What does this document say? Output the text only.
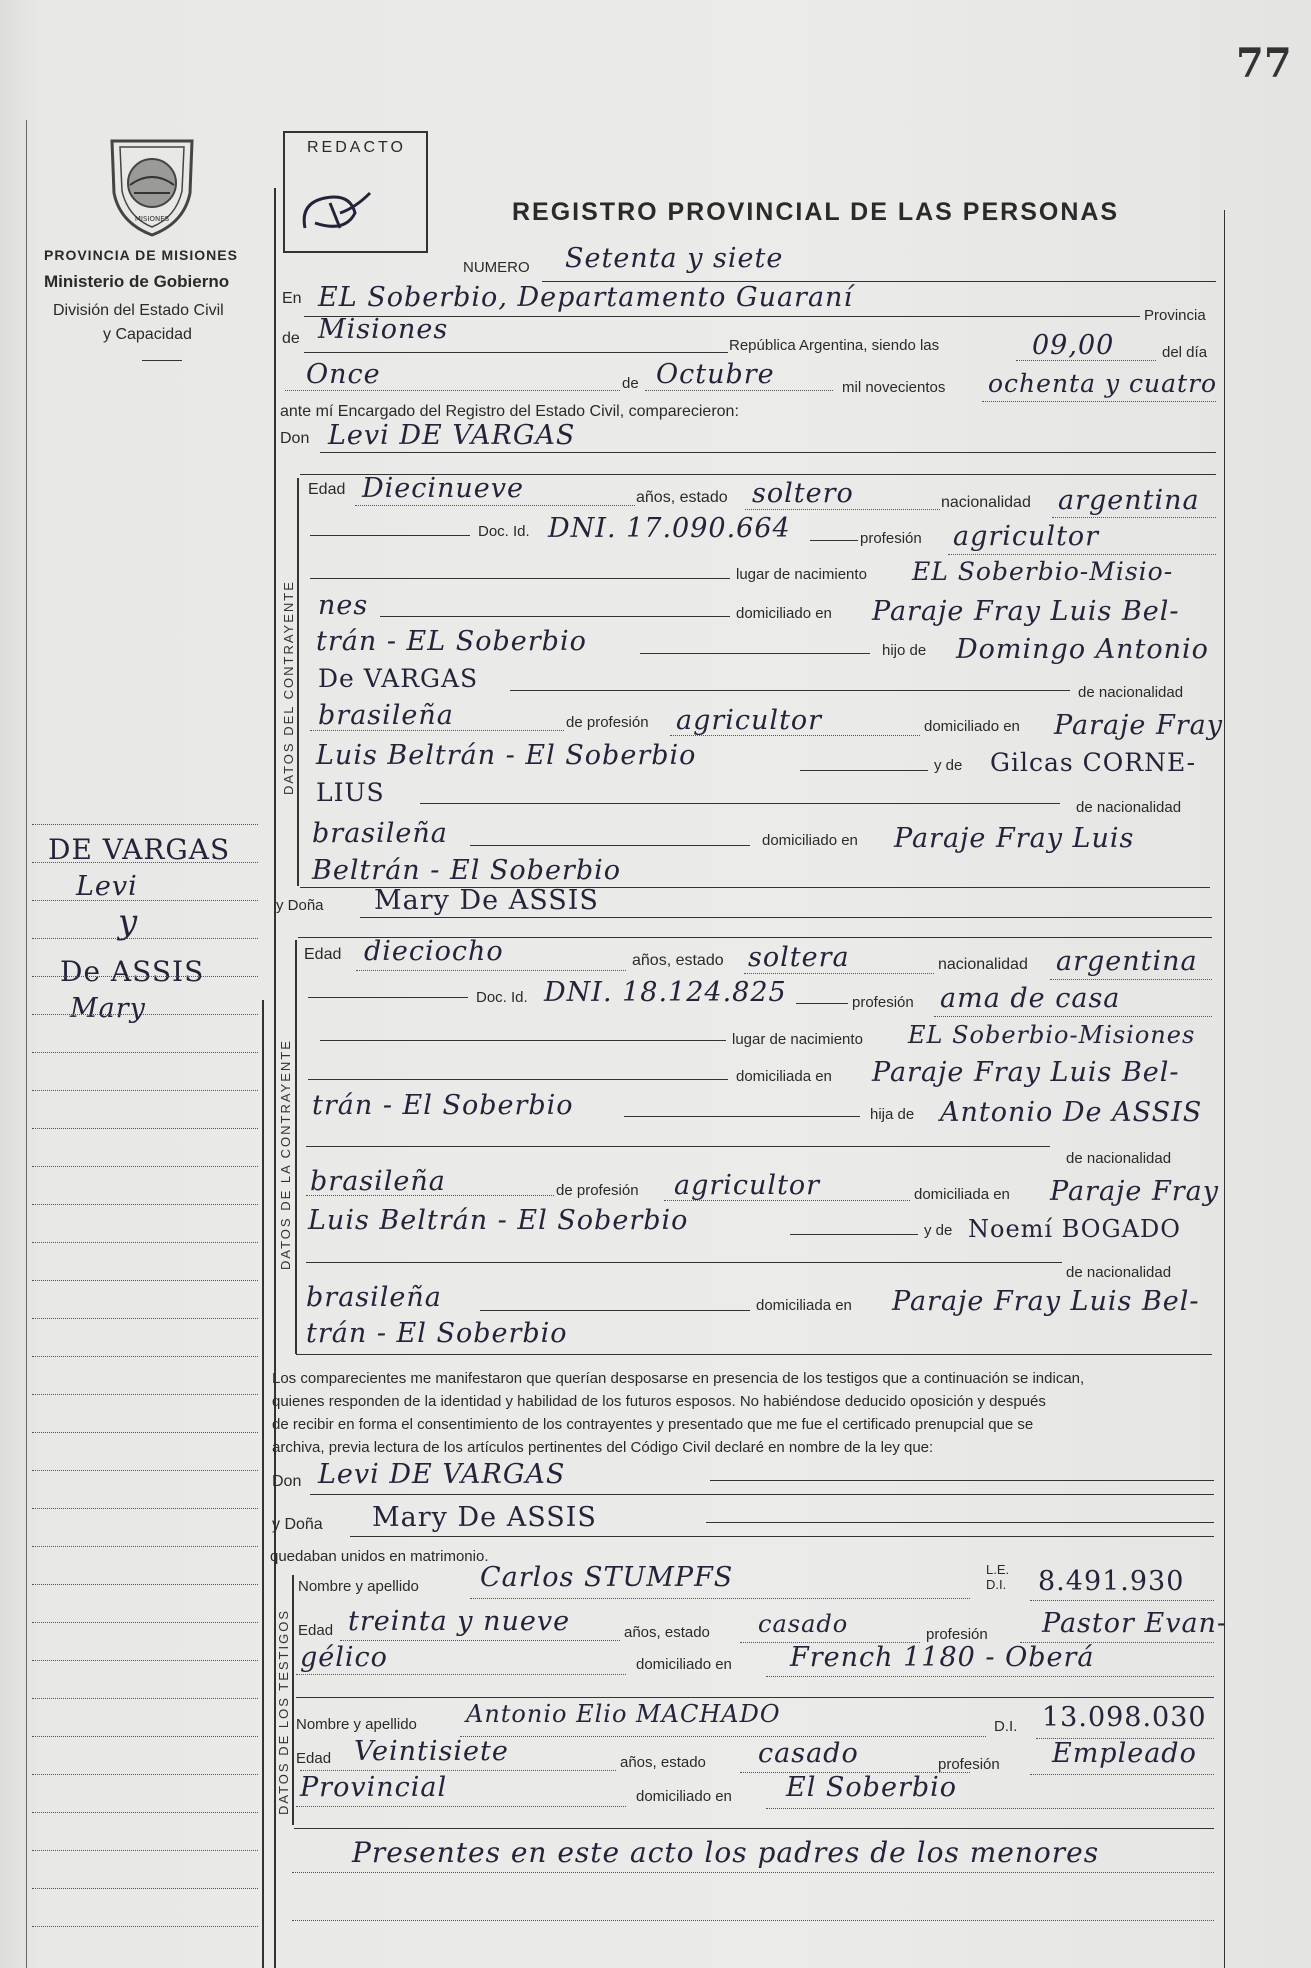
77
MISIONES
PROVINCIA DE MISIONES
Ministerio de Gobierno
División del Estado Civil
y Capacidad
REDACTO
REGISTRO PROVINCIAL DE LAS PERSONAS
DATOS DEL CONTRAYENTE
DATOS DE LA CONTRAYENTE
DATOS DE LOS TESTIGOS
DE VARGAS
Levi
y
De ASSIS
Mary
NUMERO Setenta y siete
En EL Soberbio, Departamento Guaraní
Provincia
de Misiones
República Argentina, siendo las	09,00	del día
Once	de Octubre	mil novecientos ochenta y cuatro
ante mí Encargado del Registro del Estado Civil, comparecieron:
Don Levi DE VARGAS
Edad Diecinueve	años, estado soltero	nacionalidad argentina
Doc. Id. DNI. 17.090.664	profesión agricultor
lugar de nacimiento EL Soberbio-Misio-
nes	domiciliado en Paraje Fray Luis Bel-
trán - EL Soberbio	hijo de Domingo Antonio
De VARGAS	de nacionalidad
brasileña	de profesión agricultor	domiciliado en Paraje Fray
Luis Beltrán - El Soberbio	y de Gilcas CORNE-
LIUS
de nacionalidad
brasileña	domiciliado en Paraje Fray Luis
Beltrán - El Soberbio
y Doña Mary De ASSIS
Edad dieciocho	años, estado soltera	nacionalidad argentina
Doc. Id. DNI. 18.124.825	profesión ama de casa
lugar de nacimiento EL Soberbio-Misiones
domiciliada en Paraje Fray Luis Bel-
trán - El Soberbio	hija de Antonio De ASSIS
de nacionalidad
brasileña	de profesión agricultor	domiciliada en Paraje Fray
Luis Beltrán - El Soberbio	y de Noemí BOGADO
de nacionalidad
brasileña	domiciliada en Paraje Fray Luis Bel-
trán - El Soberbio
Los comparecientes me manifestaron que querían desposarse en presencia de los testigos que a continuación se indican,
quienes responden de la identidad y habilidad de los futuros esposos. No habiéndose deducido oposición y después
de recibir en forma el consentimiento de los contrayentes y presentado que me fue el certificado prenupcial que se
archiva, previa lectura de los artículos pertinentes del Código Civil declaré en nombre de la ley que:
Don Levi DE VARGAS
y Doña Mary De ASSIS
quedaban unidos en matrimonio.
Nombre y apellido Carlos STUMPFS	L.E. D.I. 8.491.930
Edad treinta y nueve	años, estado casado	profesión Pastor Evan-
gélico	domiciliado en French 1180 - Oberá
Nombre y apellido Antonio Elio MACHADO	D.I. 13.098.030
Edad Veintisiete	años, estado casado	profesión Empleado
Provincial	domiciliado en El Soberbio
Presentes en este acto los padres de los menores
